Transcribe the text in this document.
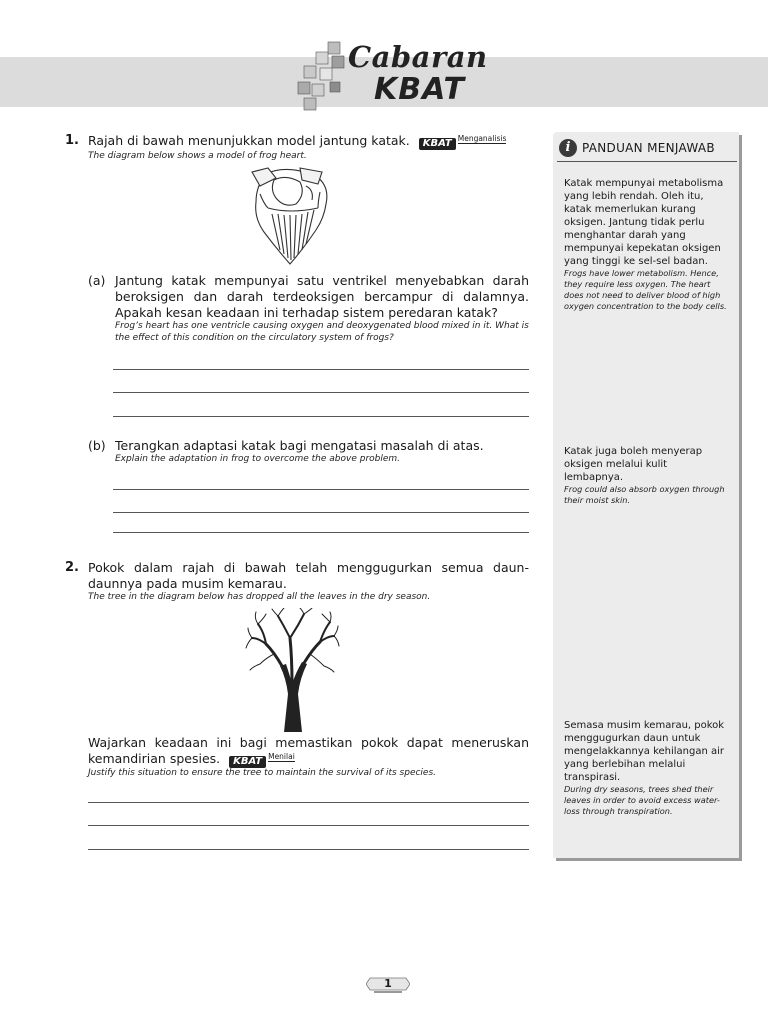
Cabaran
KBAT
1. Rajah di bawah menunjukkan model jantung katak. KBAT Menganalisis
The diagram below shows a model of frog heart.
(a) Jantung katak mempunyai satu ventrikel menyebabkan darah beroksigen dan darah terdeoksigen bercampur di dalamnya. Apakah kesan keadaan ini terhadap sistem peredaran katak?
Frog’s heart has one ventricle causing oxygen and deoxygenated blood mixed in it. What is the effect of this condition on the circulatory system of frogs?
(b) Terangkan adaptasi katak bagi mengatasi masalah di atas.
Explain the adaptation in frog to overcome the above problem.
2. Pokok dalam rajah di bawah telah menggugurkan semua daun-daunnya pada musim kemarau.
The tree in the diagram below has dropped all the leaves in the dry season.
Wajarkan keadaan ini bagi memastikan pokok dapat meneruskan kemandirian spesies. KBAT Menilai
Justify this situation to ensure the tree to maintain the survival of its species.
i PANDUAN MENJAWAB
Katak mempunyai metabolisma yang lebih rendah. Oleh itu, katak memerlukan kurang oksigen. Jantung tidak perlu menghantar darah yang mempunyai kepekatan oksigen yang tinggi ke sel-sel badan.
Frogs have lower metabolism. Hence, they require less oxygen. The heart does not need to deliver blood of high oxygen concentration to the body cells.
Katak juga boleh menyerap oksigen melalui kulit lembapnya.
Frog could also absorb oxygen through their moist skin.
Semasa musim kemarau, pokok menggugurkan daun untuk mengelakkannya kehilangan air yang berlebihan melalui transpirasi.
During dry seasons, trees shed their leaves in order to avoid excess water-loss through transpiration.
1
